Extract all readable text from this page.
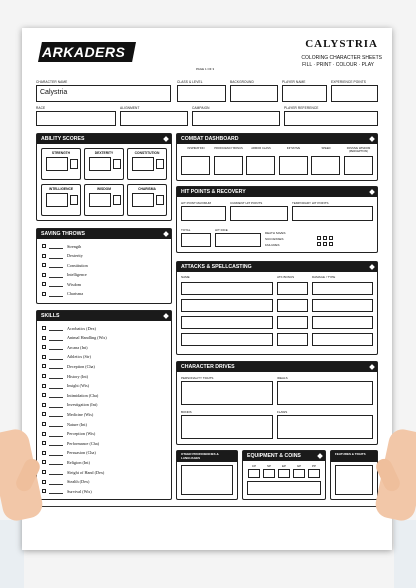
ARKADERS
PAGE 1 OF 3
CALYSTRIA
COLORING CHARACTER SHEETS
FILL · PRINT · COLOUR · PLAY
Calystria
CHARACTER NAME	CLASS & LEVEL	BACKGROUND	PLAYER NAME	EXPERIENCE POINTS
RACE	ALIGNMENT	CAMPAIGN	PLAYER REFERENCE
ABILITY SCORES
STRENGTH	DEXTERITY	CONSTITUTION
INTELLIGENCE	WISDOM	CHARISMA
COMBAT DASHBOARD
INSPIRATION	PROFICIENCY BONUS	ARMOR CLASS	INITIATIVE	SPEED	PASSIVE WISDOM (PERCEPTION)
HIT POINTS & RECOVERY
HIT POINT MAXIMUM	CURRENT HIT POINTS	TEMPORARY HIT POINTS
TOTAL	HIT DICE
DEATH SAVES
SUCCESSES
FAILURES
SAVING THROWS
Strength
Dexterity
Constitution
Intelligence
Wisdom
Charisma
ATTACKS & SPELLCASTING
NAME	ATK BONUS	DAMAGE / TYPE
SKILLS
Acrobatics (Dex)
Animal Handling (Wis)
Arcana (Int)
Athletics (Str)
Deception (Cha)
History (Int)
Insight (Wis)
Intimidation (Cha)
Investigation (Int)
Medicine (Wis)
Nature (Int)
Perception (Wis)
Performance (Cha)
Persuasion (Cha)
Religion (Int)
Sleight of Hand (Dex)
Stealth (Dex)
Survival (Wis)
CHARACTER DRIVES
PERSONALITY TRAITS	IDEALS
BONDS	FLAWS
OTHER PROFICIENCIES & LANGUAGES	EQUIPMENT & COINS
CP	SP	EP	GP	PP
FEATURES & TRAITS
